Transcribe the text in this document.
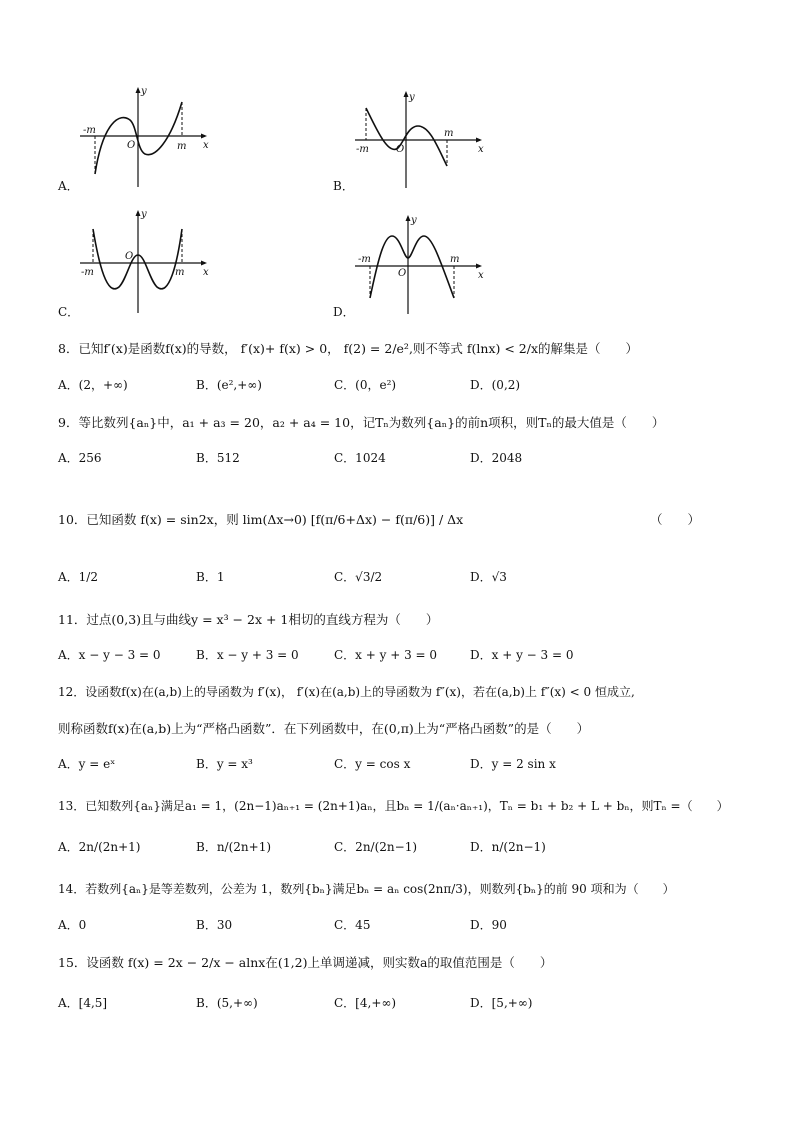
y
x
O
-m
m
A．
y
x
O
-m
m
B．
y
x
O
-m	m
C．
y
x
O
-m	m
D．
8．已知f′(x)是函数f(x)的导数， f′(x)+ f(x) > 0， f(2) = 2/e²,则不等式 f(lnx) < 2/x的解集是（　　）
A．(2，+∞)	B．(e²,+∞)	C．(0，e²)	D．(0,2)
9．等比数列{aₙ}中，a₁ + a₃ = 20，a₂ + a₄ = 10，记Tₙ为数列{aₙ}的前n项积，则Tₙ的最大值是（　　）
A．256	B．512	C．1024	D．2048
10．已知函数 f(x) = sin2x，则 lim(Δx→0) [f(π/6+Δx) − f(π/6)] / Δx	（　　）
A．1/2	B．1	C．√3/2	D．√3
11．过点(0,3)且与曲线y = x³ − 2x + 1相切的直线方程为（　　）
A．x − y − 3 = 0	B．x − y + 3 = 0	C．x + y + 3 = 0	D．x + y − 3 = 0
12．设函数f(x)在(a,b)上的导函数为 f′(x)， f′(x)在(a,b)上的导函数为 f″(x)，若在(a,b)上 f″(x) < 0 恒成立,
则称函数f(x)在(a,b)上为“严格凸函数”．在下列函数中，在(0,π)上为“严格凸函数”的是（　　）
A．y = eˣ	B．y = x³	C．y = cos x	D．y = 2 sin x
13．已知数列{aₙ}满足a₁ = 1，(2n−1)aₙ₊₁ = (2n+1)aₙ，且bₙ = 1/(aₙ·aₙ₊₁)，Tₙ = b₁ + b₂ + L + bₙ，则Tₙ =（　　）
A．2n/(2n+1)	B．n/(2n+1)	C．2n/(2n−1)	D．n/(2n−1)
14．若数列{aₙ}是等差数列，公差为 1，数列{bₙ}满足bₙ = aₙ cos(2nπ/3)，则数列{bₙ}的前 90 项和为（　　）
A．0	B．30	C．45	D．90
15．设函数 f(x) = 2x − 2/x − alnx在(1,2)上单调递减，则实数a的取值范围是（　　）
A．[4,5]	B．(5,+∞)	C．[4,+∞)	D．[5,+∞)
